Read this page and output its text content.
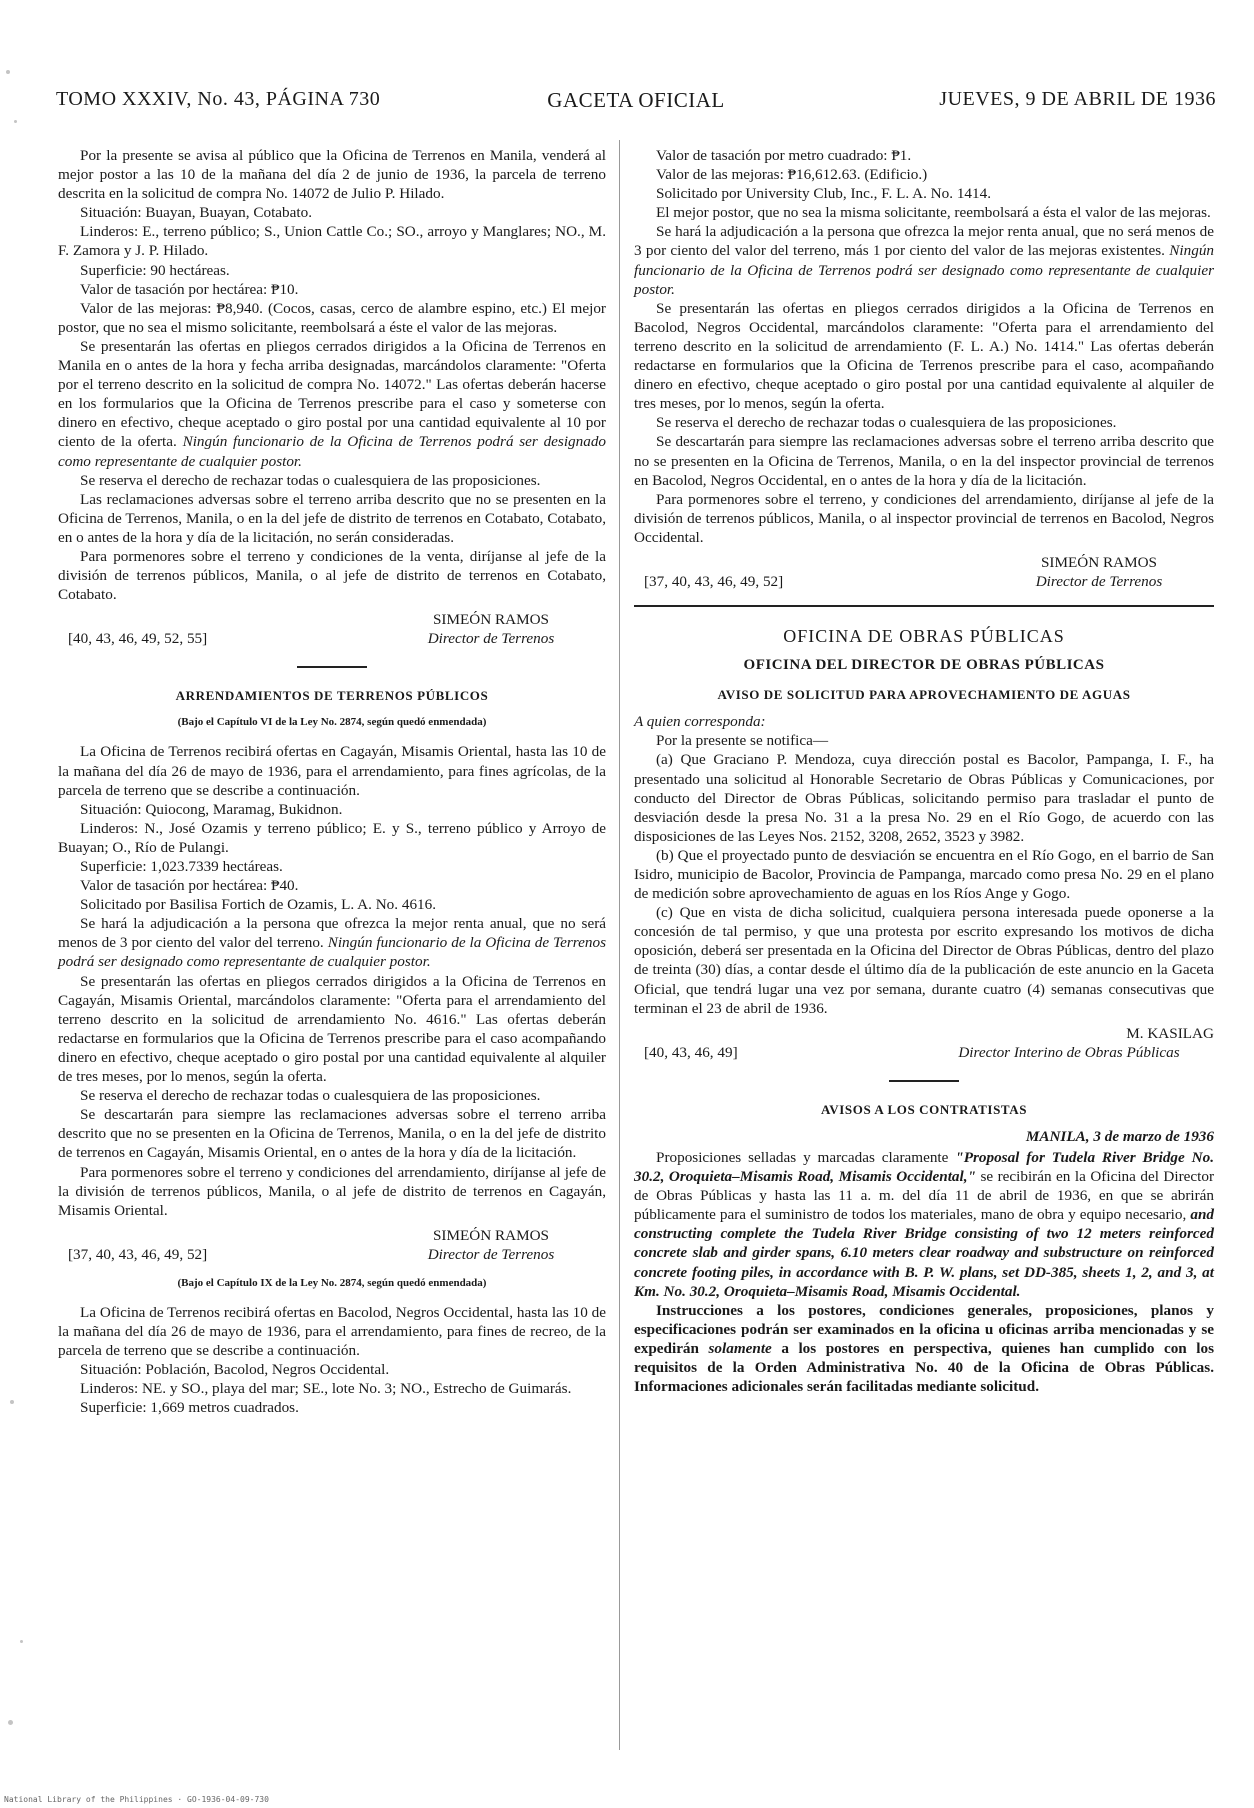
TOMO XXXIV, No. 43, PÁGINA 730	GACETA OFICIAL	JUEVES, 9 DE ABRIL DE 1936

Por la presente se avisa al público que la Oficina de Terrenos en Manila, venderá al mejor postor a las 10 de la mañana del día 2 de junio de 1936, la parcela de terreno descrita en la solicitud de compra No. 14072 de Julio P. Hilado.

Situación: Buayan, Buayan, Cotabato.

Linderos: E., terreno público; S., Union Cattle Co.; SO., arroyo y Manglares; NO., M. F. Zamora y J. P. Hilado.

Superficie: 90 hectáreas.

Valor de tasación por hectárea: ₱10.

Valor de las mejoras: ₱8,940. (Cocos, casas, cerco de alambre espino, etc.) El mejor postor, que no sea el mismo solicitante, reembolsará a éste el valor de las mejoras.

Se presentarán las ofertas en pliegos cerrados dirigidos a la Oficina de Terrenos en Manila en o antes de la hora y fecha arriba designadas, marcándolos claramente: "Oferta por el terreno descrito en la solicitud de compra No. 14072." Las ofertas deberán hacerse en los formularios que la Oficina de Terrenos prescribe para el caso y someterse con dinero en efectivo, cheque aceptado o giro postal por una cantidad equivalente al 10 por ciento de la oferta. Ningún funcionario de la Oficina de Terrenos podrá ser designado como representante de cualquier postor.

Se reserva el derecho de rechazar todas o cualesquiera de las proposiciones.

Las reclamaciones adversas sobre el terreno arriba descrito que no se presenten en la Oficina de Terrenos, Manila, o en la del jefe de distrito de terrenos en Cotabato, Cotabato, en o antes de la hora y día de la licitación, no serán consideradas.

Para pormenores sobre el terreno y condiciones de la venta, diríjanse al jefe de la división de terrenos públicos, Manila, o al jefe de distrito de terrenos en Cotabato, Cotabato.

[40, 43, 46, 49, 52, 55]
SIMEÓN RAMOS
Director de Terrenos
ARRENDAMIENTOS DE TERRENOS PÚBLICOS
(Bajo el Capítulo VI de la Ley No. 2874, según quedó enmendada)

La Oficina de Terrenos recibirá ofertas en Cagayán, Misamis Oriental, hasta las 10 de la mañana del día 26 de mayo de 1936, para el arrendamiento, para fines agrícolas, de la parcela de terreno que se describe a continuación.

Situación: Quiocong, Maramag, Bukidnon.

Linderos: N., José Ozamis y terreno público; E. y S., terreno público y Arroyo de Buayan; O., Río de Pulangi.

Superficie: 1,023.7339 hectáreas.

Valor de tasación por hectárea: ₱40.

Solicitado por Basilisa Fortich de Ozamis, L. A. No. 4616.

Se hará la adjudicación a la persona que ofrezca la mejor renta anual, que no será menos de 3 por ciento del valor del terreno. Ningún funcionario de la Oficina de Terrenos podrá ser designado como representante de cualquier postor.

Se presentarán las ofertas en pliegos cerrados dirigidos a la Oficina de Terrenos en Cagayán, Misamis Oriental, marcándolos claramente: "Oferta para el arrendamiento del terreno descrito en la solicitud de arrendamiento No. 4616." Las ofertas deberán redactarse en formularios que la Oficina de Terrenos prescribe para el caso acompañando dinero en efectivo, cheque aceptado o giro postal por una cantidad equivalente al alquiler de tres meses, por lo menos, según la oferta.

Se reserva el derecho de rechazar todas o cualesquiera de las proposiciones.

Se descartarán para siempre las reclamaciones adversas sobre el terreno arriba descrito que no se presenten en la Oficina de Terrenos, Manila, o en la del jefe de distrito de terrenos en Cagayán, Misamis Oriental, en o antes de la hora y día de la licitación.

Para pormenores sobre el terreno y condiciones del arrendamiento, diríjanse al jefe de la división de terrenos públicos, Manila, o al jefe de distrito de terrenos en Cagayán, Misamis Oriental.

[37, 40, 43, 46, 49, 52]
SIMEÓN RAMOS
Director de Terrenos
(Bajo el Capítulo IX de la Ley No. 2874, según quedó enmendada)

La Oficina de Terrenos recibirá ofertas en Bacolod, Negros Occidental, hasta las 10 de la mañana del día 26 de mayo de 1936, para el arrendamiento, para fines de recreo, de la parcela de terreno que se describe a continuación.

Situación: Población, Bacolod, Negros Occidental.

Linderos: NE. y SO., playa del mar; SE., lote No. 3; NO., Estrecho de Guimarás.

Superficie: 1,669 metros cuadrados.

Valor de tasación por metro cuadrado: ₱1.

Valor de las mejoras: ₱16,612.63. (Edificio.)

Solicitado por University Club, Inc., F. L. A. No. 1414.

El mejor postor, que no sea la misma solicitante, reembolsará a ésta el valor de las mejoras.

Se hará la adjudicación a la persona que ofrezca la mejor renta anual, que no será menos de 3 por ciento del valor del terreno, más 1 por ciento del valor de las mejoras existentes. Ningún funcionario de la Oficina de Terrenos podrá ser designado como representante de cualquier postor.

Se presentarán las ofertas en pliegos cerrados dirigidos a la Oficina de Terrenos en Bacolod, Negros Occidental, marcándolos claramente: "Oferta para el arrendamiento del terreno descrito en la solicitud de arrendamiento (F. L. A.) No. 1414." Las ofertas deberán redactarse en formularios que la Oficina de Terrenos prescribe para el caso, acompañando dinero en efectivo, cheque aceptado o giro postal por una cantidad equivalente al alquiler de tres meses, por lo menos, según la oferta.

Se reserva el derecho de rechazar todas o cualesquiera de las proposiciones.

Se descartarán para siempre las reclamaciones adversas sobre el terreno arriba descrito que no se presenten en la Oficina de Terrenos, Manila, o en la del inspector provincial de terrenos en Bacolod, Negros Occidental, en o antes de la hora y día de la licitación.

Para pormenores sobre el terreno, y condiciones del arrendamiento, diríjanse al jefe de la división de terrenos públicos, Manila, o al inspector provincial de terrenos en Bacolod, Negros Occidental.

[37, 40, 43, 46, 49, 52]
SIMEÓN RAMOS
Director de Terrenos
OFICINA DE OBRAS PÚBLICAS
OFICINA DEL DIRECTOR DE OBRAS PÚBLICAS
AVISO DE SOLICITUD PARA APROVECHAMIENTO DE AGUAS

A quien corresponda:

Por la presente se notifica—

(a) Que Graciano P. Mendoza, cuya dirección postal es Bacolor, Pampanga, I. F., ha presentado una solicitud al Honorable Secretario de Obras Públicas y Comunicaciones, por conducto del Director de Obras Públicas, solicitando permiso para trasladar el punto de desviación desde la presa No. 31 a la presa No. 29 en el Río Gogo, de acuerdo con las disposiciones de las Leyes Nos. 2152, 3208, 2652, 3523 y 3982.

(b) Que el proyectado punto de desviación se encuentra en el Río Gogo, en el barrio de San Isidro, municipio de Bacolor, Provincia de Pampanga, marcado como presa No. 29 en el plano de medición sobre aprovechamiento de aguas en los Ríos Ange y Gogo.

(c) Que en vista de dicha solicitud, cualquiera persona interesada puede oponerse a la concesión de tal permiso, y que una protesta por escrito expresando los motivos de dicha oposición, deberá ser presentada en la Oficina del Director de Obras Públicas, dentro del plazo de treinta (30) días, a contar desde el último día de la publicación de este anuncio en la Gaceta Oficial, que tendrá lugar una vez por semana, durante cuatro (4) semanas consecutivas que terminan el 23 de abril de 1936.

[40, 43, 46, 49]
M. KASILAG
Director Interino de Obras Públicas
AVISOS A LOS CONTRATISTAS

MANILA, 3 de marzo de 1936

Proposiciones selladas y marcadas claramente "Proposal for Tudela River Bridge No. 30.2, Oroquieta–Misamis Road, Misamis Occidental," se recibirán en la Oficina del Director de Obras Públicas y hasta las 11 a. m. del día 11 de abril de 1936, en que se abrirán públicamente para el suministro de todos los materiales, mano de obra y equipo necesario, and constructing complete the Tudela River Bridge consisting of two 12 meters reinforced concrete slab and girder spans, 6.10 meters clear roadway and substructure on reinforced concrete footing piles, in accordance with B. P. W. plans, set DD-385, sheets 1, 2, and 3, at Km. No. 30.2, Oroquieta–Misamis Road, Misamis Occidental.

Instrucciones a los postores, condiciones generales, proposiciones, planos y especificaciones podrán ser examinados en la oficina u oficinas arriba mencionadas y se expedirán solamente a los postores en perspectiva, quienes han cumplido con los requisitos de la Orden Administrativa No. 40 de la Oficina de Obras Públicas. Informaciones adicionales serán facilitadas mediante solicitud.

National Library of the Philippines · GO-1936-04-09-730
